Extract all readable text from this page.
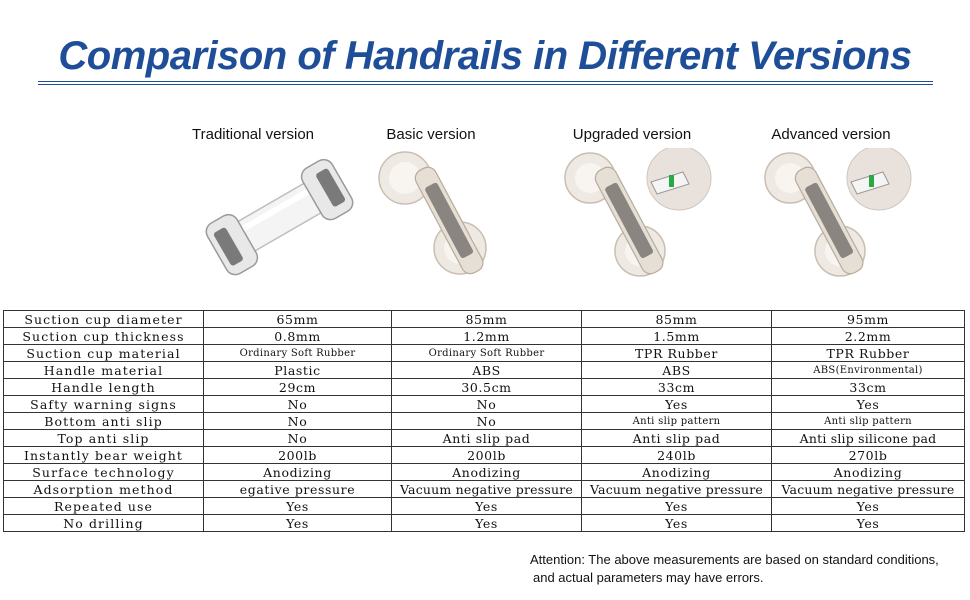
Comparison of Handrails in Different Versions
Traditional version	Basic version	Upgraded version	Advanced version
Suction cup diameter	65mm	85mm	85mm	95mm
Suction cup thickness	0.8mm	1.2mm	1.5mm	2.2mm
Suction cup material	Ordinary Soft Rubber	Ordinary Soft Rubber	TPR Rubber	TPR Rubber
Handle material	Plastic	ABS	ABS	ABS(Environmental)
Handle length	29cm	30.5cm	33cm	33cm
Safty warning signs	No	No	Yes	Yes
Bottom anti slip	No	No	Anti slip pattern	Anti slip pattern
Top anti slip	No	Anti slip pad	Anti slip pad	Anti slip silicone pad
Instantly bear weight	200lb	200lb	240lb	270lb
Surface technology	Anodizing	Anodizing	Anodizing	Anodizing
Adsorption method	egative pressure	Vacuum negative pressure	Vacuum negative pressure	Vacuum negative pressure
Repeated use	Yes	Yes	Yes	Yes
No drilling	Yes	Yes	Yes	Yes
Attention: The above measurements are based on standard conditions,
and actual parameters may have errors.
